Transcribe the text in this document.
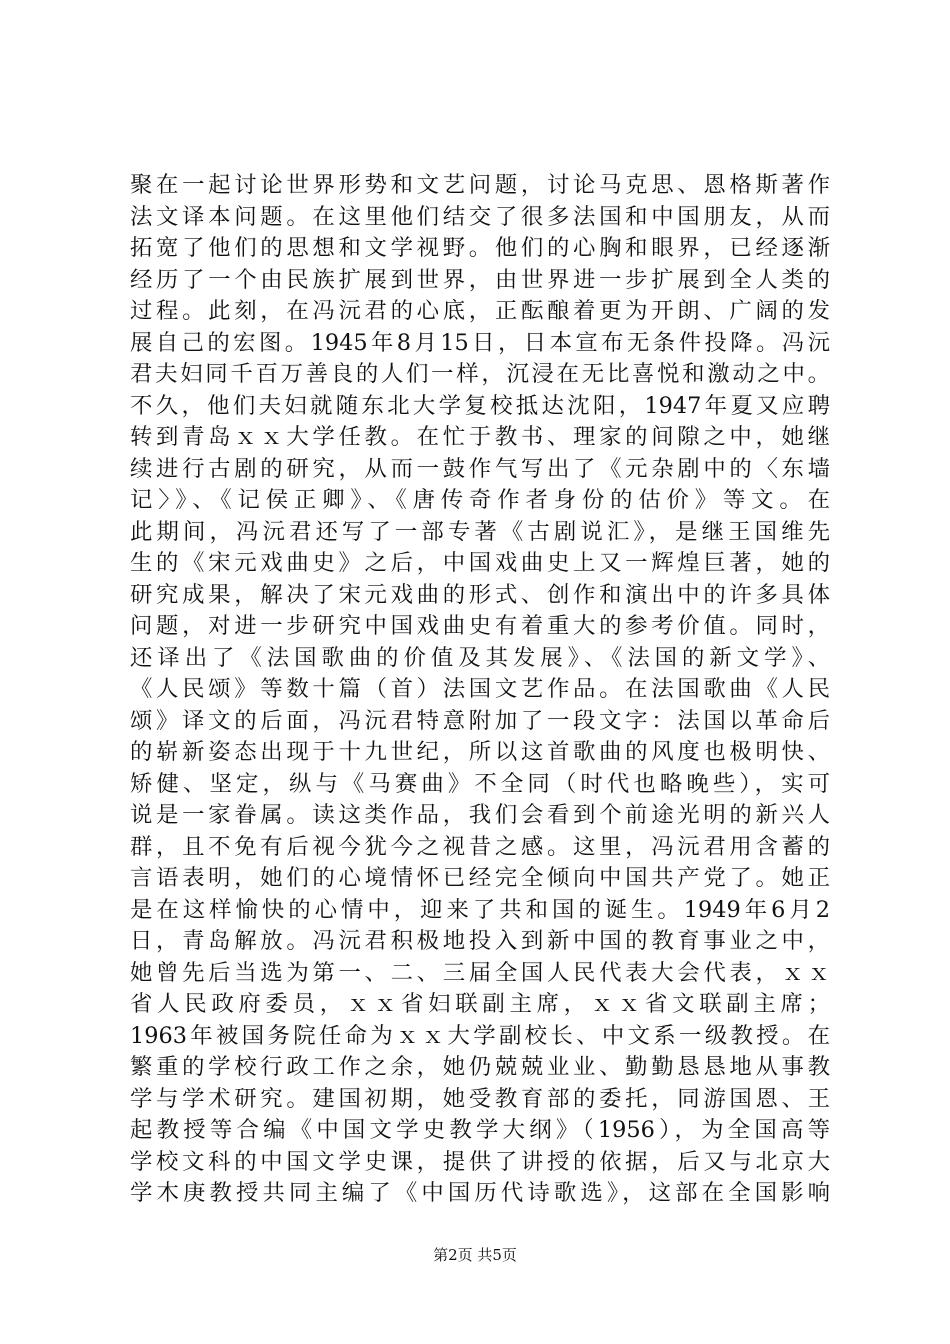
聚在一起讨论世界形势和文艺问题，讨论马克思、恩格斯著作
法文译本问题。在这里他们结交了很多法国和中国朋友，从而
拓宽了他们的思想和文学视野。他们的心胸和眼界，已经逐渐
经历了一个由民族扩展到世界，由世界进一步扩展到全人类的
过程。此刻，在冯沅君的心底，正酝酿着更为开朗、广阔的发
展自己的宏图。1945年8月15日，日本宣布无条件投降。冯沅
君夫妇同千百万善良的人们一样，沉浸在无比喜悦和激动之中。
不久，他们夫妇就随东北大学复校抵达沈阳，1947年夏又应聘
转到青岛ｘｘ大学任教。在忙于教书、理家的间隙之中，她继
续进行古剧的研究，从而一鼓作气写出了《元杂剧中的〈东墙
记〉》、《记侯正卿》、《唐传奇作者身份的估价》等文。在
此期间，冯沅君还写了一部专著《古剧说汇》，是继王国维先
生的《宋元戏曲史》之后，中国戏曲史上又一辉煌巨著，她的
研究成果，解决了宋元戏曲的形式、创作和演出中的许多具体
问题，对进一步研究中国戏曲史有着重大的参考价值。同时，
还译出了《法国歌曲的价值及其发展》、《法国的新文学》、
《人民颂》等数十篇（首）法国文艺作品。在法国歌曲《人民
颂》译文的后面，冯沅君特意附加了一段文字：法国以革命后
的崭新姿态出现于十九世纪，所以这首歌曲的风度也极明快、
矫健、坚定，纵与《马赛曲》不全同（时代也略晚些），实可
说是一家眷属。读这类作品，我们会看到个前途光明的新兴人
群，且不免有后视今犹今之视昔之感。这里，冯沅君用含蓄的
言语表明，她们的心境情怀已经完全倾向中国共产党了。她正
是在这样愉快的心情中，迎来了共和国的诞生。1949年6月2
日，青岛解放。冯沅君积极地投入到新中国的教育事业之中，
她曾先后当选为第一、二、三届全国人民代表大会代表，ｘｘ
省人民政府委员，ｘｘ省妇联副主席，ｘｘ省文联副主席；
1963年被国务院任命为ｘｘ大学副校长、中文系一级教授。在
繁重的学校行政工作之余，她仍兢兢业业、勤勤恳恳地从事教
学与学术研究。建国初期，她受教育部的委托，同游国恩、王
起教授等合编《中国文学史教学大纲》（1956），为全国高等
学校文科的中国文学史课，提供了讲授的依据，后又与北京大
学木庚教授共同主编了《中国历代诗歌选》，这部在全国影响
第2页 共5页
